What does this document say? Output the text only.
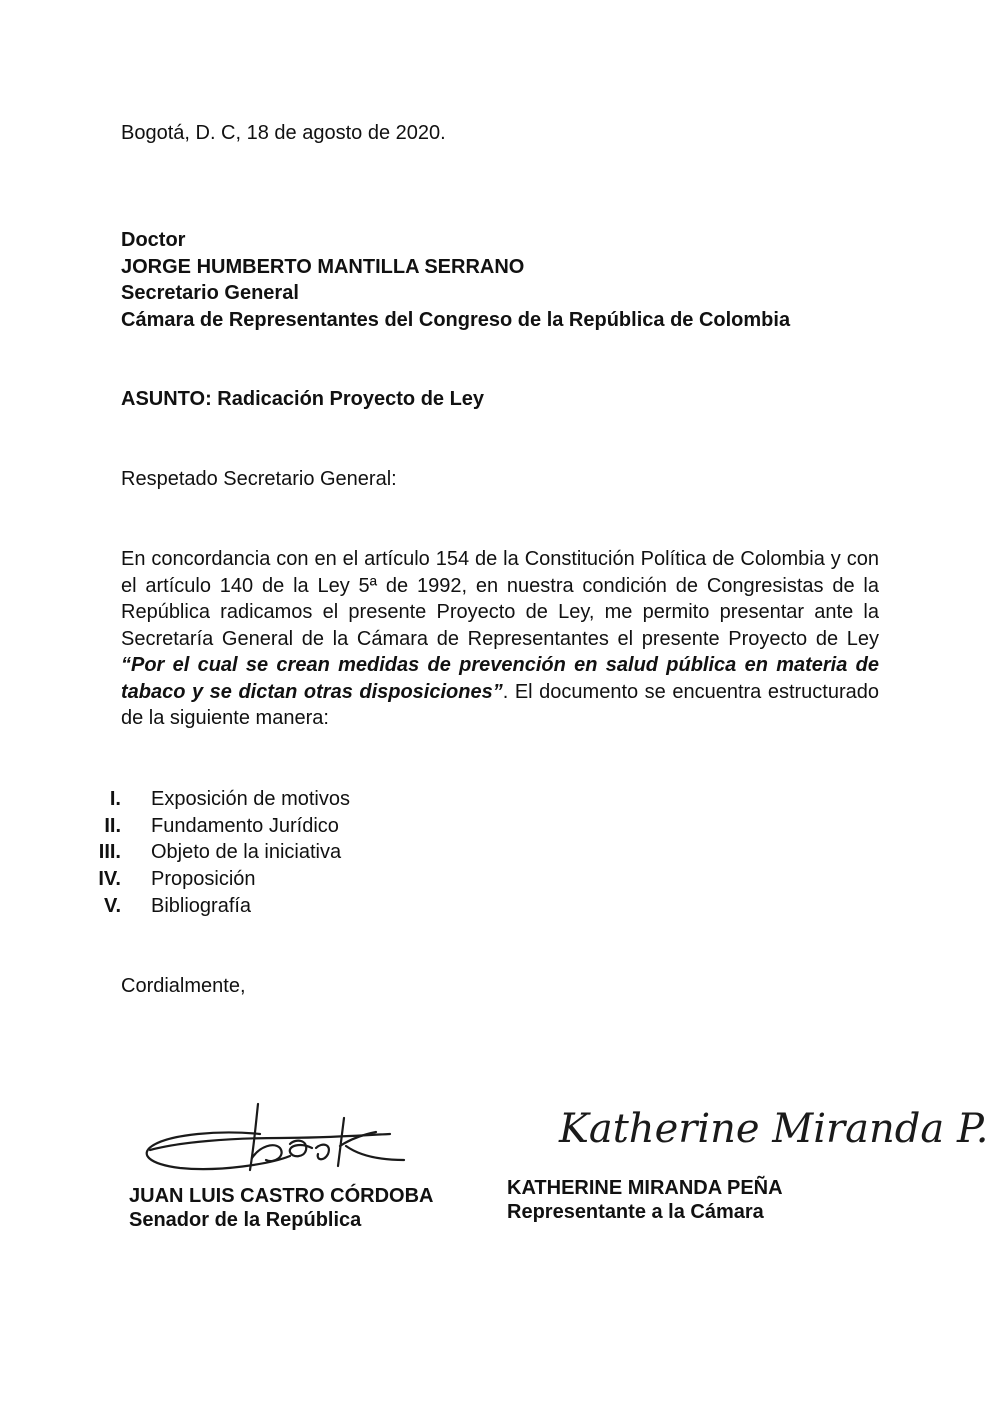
Bogotá, D. C, 18 de agosto de 2020.
Doctor
JORGE HUMBERTO MANTILLA SERRANO
Secretario General
Cámara de Representantes del Congreso de la República de Colombia
ASUNTO: Radicación Proyecto de Ley
Respetado Secretario General:

En concordancia con en el artículo 154 de la Constitución Política de Colombia y con el artículo 140 de la Ley 5ª de 1992, en nuestra condición de Congresistas de la República radicamos el presente Proyecto de Ley, me permito presentar ante la Secretaría General de la Cámara de Representantes el presente Proyecto de Ley “Por el cual se crean medidas de prevención en salud pública en materia de tabaco y se dictan otras disposiciones”. El documento se encuentra estructurado de la siguiente manera:

I. Exposición de motivos
II. Fundamento Jurídico
III. Objeto de la iniciativa
IV. Proposición
V. Bibliografía
Cordialmente,
Katherine Miranda P.
JUAN LUIS CASTRO CÓRDOBA
Senador de la República
KATHERINE MIRANDA PEÑA
Representante a la Cámara
